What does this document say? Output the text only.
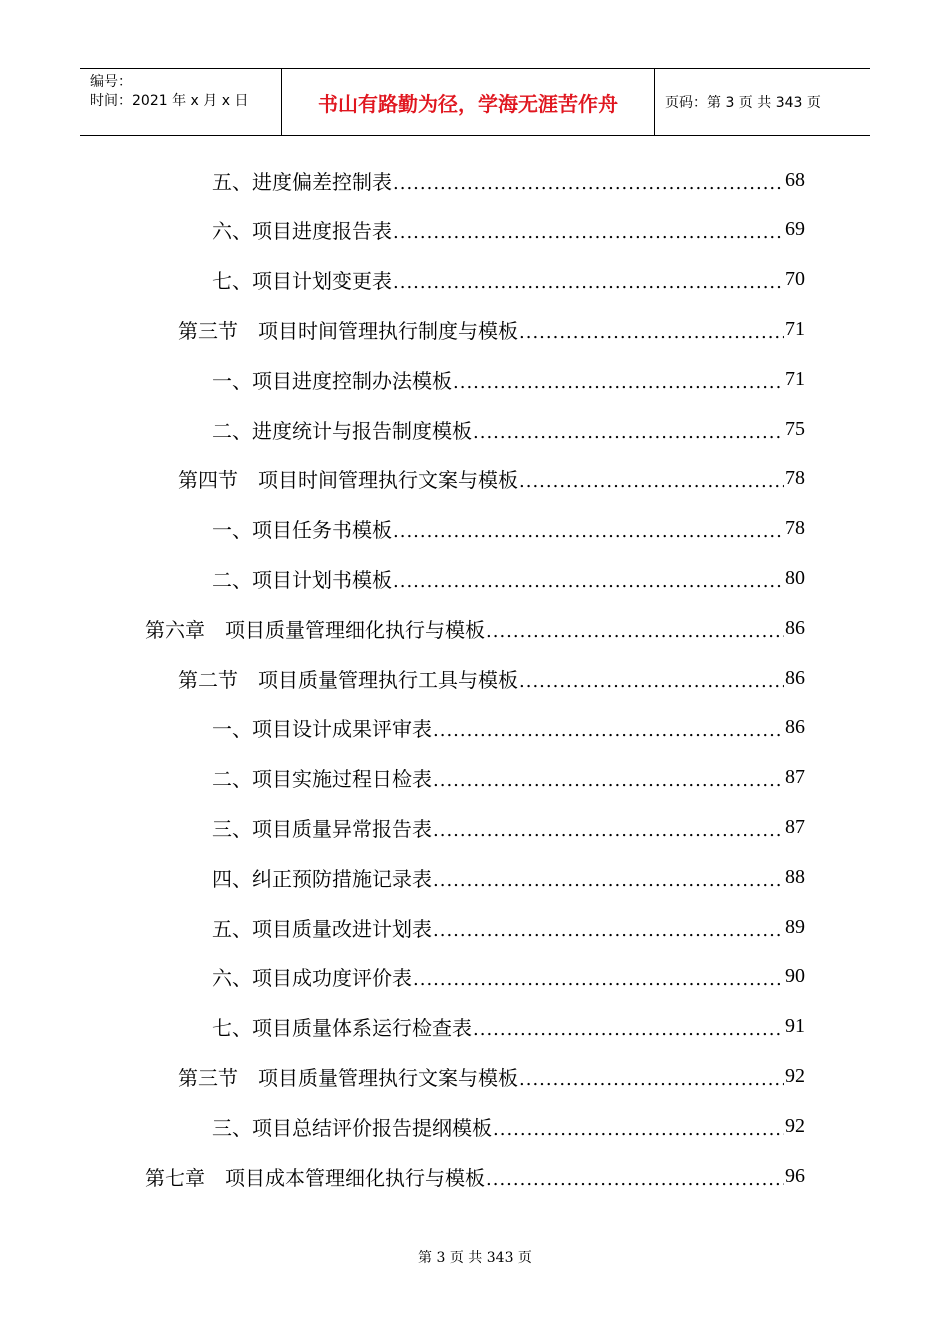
编号：
时间：2021 年 x 月 x 日	书山有路勤为径，学海无涯苦作舟	页码：第 3 页 共 343 页
五、进度偏差控制表 .....	68
六、项目进度报告表 .....	69
七、项目计划变更表 .....	70
第三节　项目时间管理执行制度与模板 .....	71
一、项目进度控制办法模板 .....	71
二、进度统计与报告制度模板 .....	75
第四节　项目时间管理执行文案与模板 .....	78
一、项目任务书模板 .....	78
二、项目计划书模板 .....	80
第六章　项目质量管理细化执行与模板 .....	86
第二节　项目质量管理执行工具与模板 .....	86
一、项目设计成果评审表 .....	86
二、项目实施过程日检表 .....	87
三、项目质量异常报告表 .....	87
四、纠正预防措施记录表 .....	88
五、项目质量改进计划表 .....	89
六、项目成功度评价表 .....	90
七、项目质量体系运行检查表 .....	91
第三节　项目质量管理执行文案与模板 .....	92
三、项目总结评价报告提纲模板 .....	92
第七章　项目成本管理细化执行与模板 .....	96
第 3 页 共 343 页
